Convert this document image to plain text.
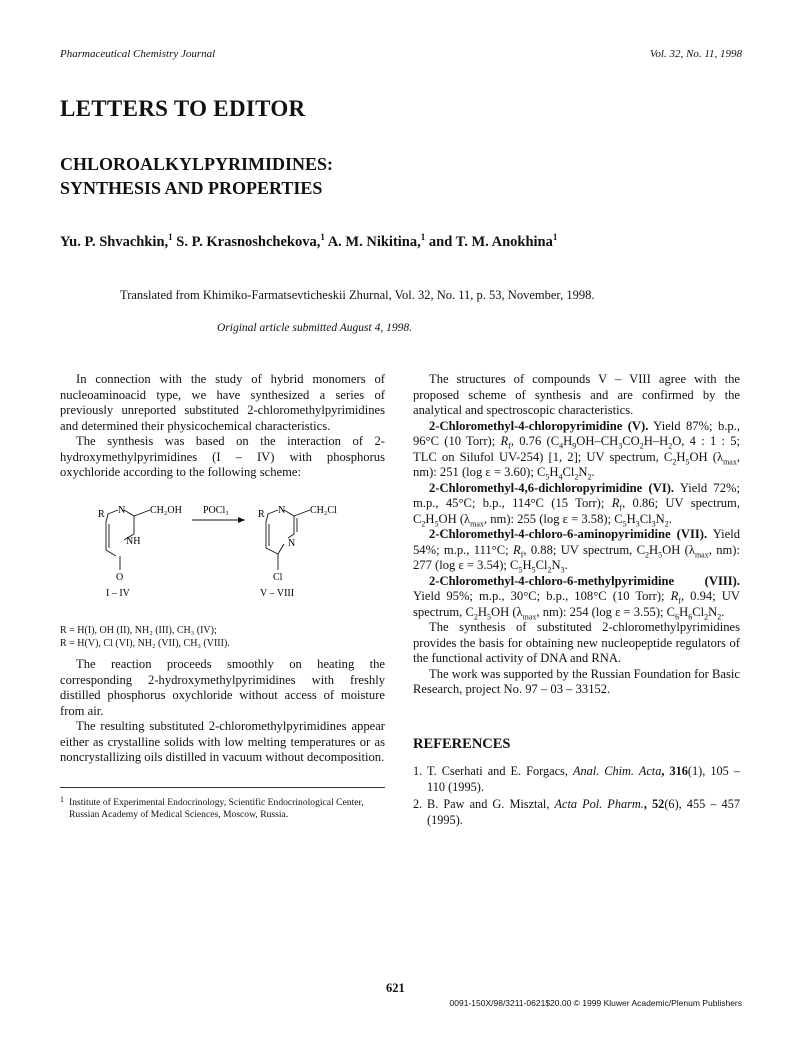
Pharmaceutical Chemistry Journal	Vol. 32, No. 11, 1998
LETTERS TO EDITOR
CHLOROALKYLPYRIMIDINES:
SYNTHESIS AND PROPERTIES
Yu. P. Shvachkin,$^1$ S. P. Krasnoshchekova,$^1$ A. M. Nikitina,$^1$ and T. M. Anokhina$^1$
Translated from Khimiko-Farmatsevticheskii Zhurnal, Vol. 32, No. 11, p. 53, November, 1998.
Original article submitted August 4, 1998.

In connection with the study of hybrid monomers of nucleoaminoacid type, we have synthesized a series of previously unreported substituted 2-chloromethylpyrimidines and determined their physicochemical characteristics.

The synthesis was based on the interaction of 2-hydroxymethylpyrimidines (I – IV) with phosphorus oxychloride according to the following scheme:

R N CH₂OH
NH
O
I – IV
POCl₃	R N CH₂Cl
N
Cl
V – VIII
R = H(I), OH (II), NH₂ (III), CH₃ (IV);
R = H(V), Cl (VI), NH₂ (VII), CH₃ (VIII).

The reaction proceeds smoothly on heating the corresponding 2-hydroxymethylpyrimidines with freshly distilled phosphorus oxychloride without access of moisture from air.

The resulting substituted 2-chloromethylpyrimidines appear either as crystalline solids with low melting temperatures or as noncrystallizing oils distilled in vacuum without decomposition.

1 Institute of Experimental Endocrinology, Scientific Endocrinological Center, Russian Academy of Medical Sciences, Moscow, Russia.

The structures of compounds V – VIII agree with the proposed scheme of synthesis and are confirmed by the analytical and spectroscopic characteristics.

2-Chloromethyl-4-chloropyrimidine (V). Yield 87%; b.p., 96°C (10 Torr); $R_f$, 0.76 ($C_4H_9OH-CH_3CO_2H-H_2O$, 4 : 1 : 5; TLC on Silufol UV-254) [1, 2]; UV spectrum, $C_2H_5OH$ ($\lambda_{max}$, nm): 251 (log ε = 3.60); $C_5H_4Cl_2N_2$.

2-Chloromethyl-4,6-dichloropyrimidine (VI). Yield 72%; m.p., 45°C; b.p., 114°C (15 Torr); $R_f$, 0.86; UV spectrum, $C_2H_5OH$ ($\lambda_{max}$, nm): 255 (log ε = 3.58); $C_5H_3Cl_3N_2$.

2-Chloromethyl-4-chloro-6-aminopyrimidine (VII). Yield 54%; m.p., 111°C; $R_f$, 0.88; UV spectrum, $C_2H_5OH$ ($\lambda_{max}$, nm): 277 (log ε = 3.54); $C_5H_5Cl_2N_3$.

2-Chloromethyl-4-chloro-6-methylpyrimidine (VIII). Yield 95%; m.p., 30°C; b.p., 108°C (10 Torr); $R_f$, 0.94; UV spectrum, $C_2H_5OH$ ($\lambda_{max}$, nm): 254 (log ε = 3.55); $C_6H_6Cl_2N_2$.

The synthesis of substituted 2-chloromethylpyrimidines provides the basis for obtaining new nucleopeptide regulators of the functional activity of DNA and RNA.

The work was supported by the Russian Foundation for Basic Research, project No. 97 – 03 – 33152.

REFERENCES
1. T. Cserhati and E. Forgacs, Anal. Chim. Acta, 316(1), 105 – 110 (1995).
2. B. Paw and G. Misztal, Acta Pol. Pharm., 52(6), 455 – 457 (1995).
621
0091-150X/98/3211-0621$20.00 © 1999 Kluwer Academic/Plenum Publishers
